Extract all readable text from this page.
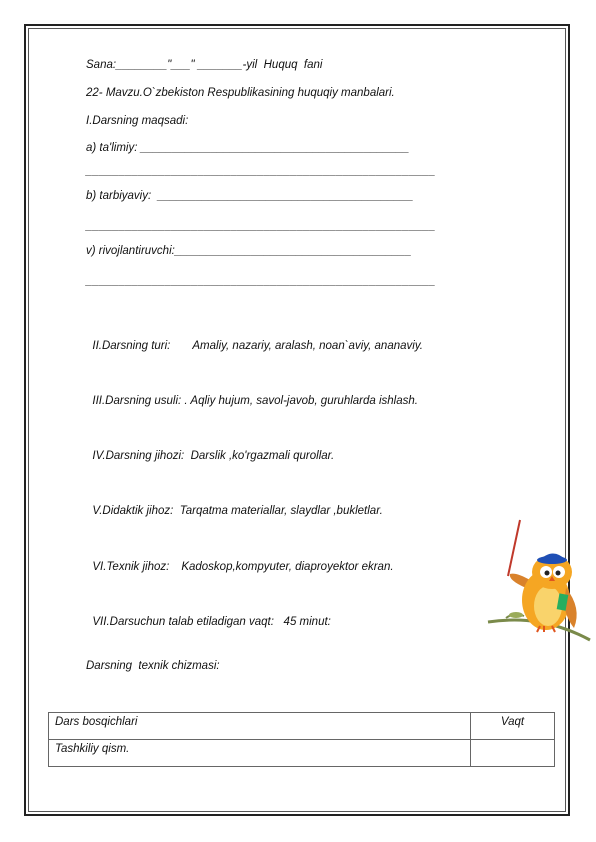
Sana:________"___" _______-yil  Huquq  fani
22- Mavzu.O`zbekiston Respublikasining huquqiy manbalari.
I.Darsning maqsadi:
a) ta'limiy: __________________________________________
_____________________________________________________
b) tarbiyaviy:  ________________________________________
_____________________________________________________
v) rivojlantiruvchi:_____________________________________
_____________________________________________________

II.Darsning turi: Amaliy, nazariy, aralash, noan`aviy, ananaviy.

III.Darsning usuli: . Aqliy hujum, savol-javob, guruhlarda ishlash.

IV.Darsning jihozi: Darslik ,ko'rgazmali qurollar.

V.Didaktik jihoz: Tarqatma materiallar, slaydlar ,bukletlar.

VI.Texnik jihoz: Kadoskop,kompyuter, diaproyektor ekran.

VII.Darsuchun talab etiladigan vaqt: 45 minut:

Darsning  texnik chizmasi:
Dars bosqichlari	Vaqt
Tashkiliy qism.	
